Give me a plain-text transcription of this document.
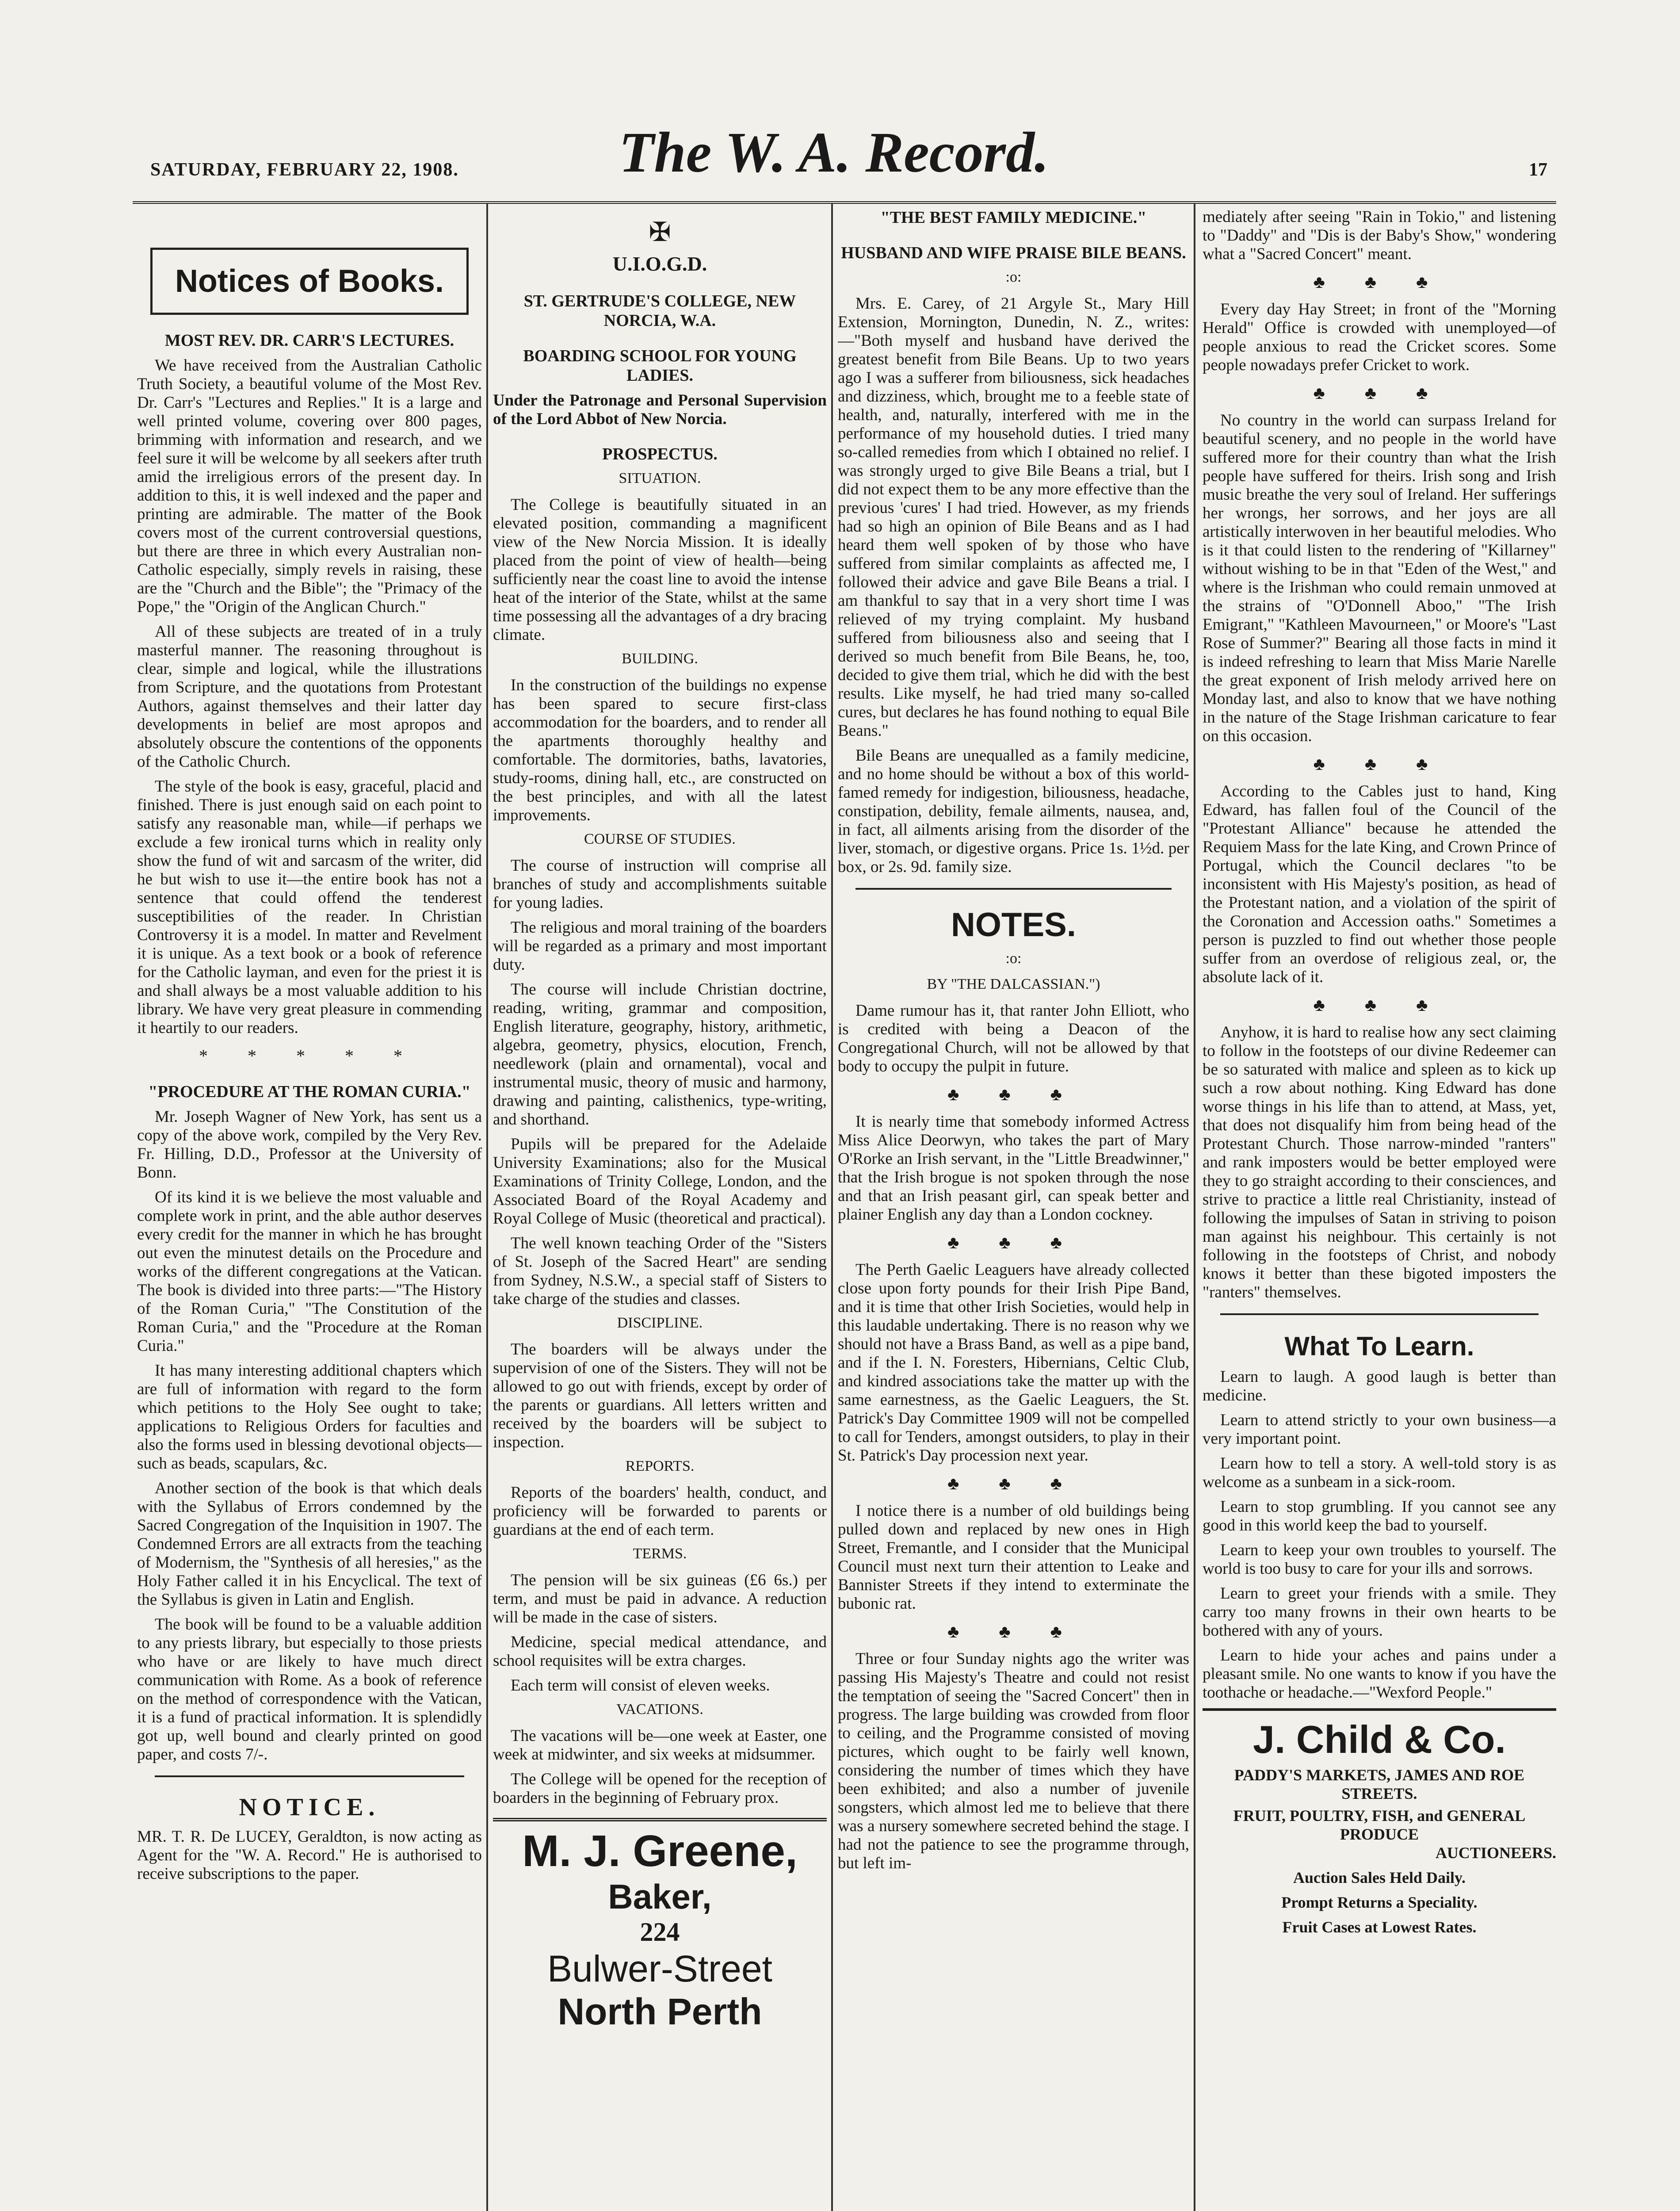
SATURDAY, FEBRUARY 22, 1908.	The W. A. Record.	17
Notices of Books.
MOST REV. DR. CARR'S LECTURES.

We have received from the Australian Catholic Truth Society, a beautiful volume of the Most Rev. Dr. Carr's "Lectures and Replies." It is a large and well printed volume, covering over 800 pages, brimming with information and research, and we feel sure it will be welcome by all seekers after truth amid the irreligious errors of the present day. In addition to this, it is well indexed and the paper and printing are admirable. The matter of the Book covers most of the current controversial questions, but there are three in which every Australian non-Catholic especially, simply revels in raising, these are the "Church and the Bible"; the "Primacy of the Pope," the "Origin of the Anglican Church."

All of these subjects are treated of in a truly masterful manner. The reasoning throughout is clear, simple and logical, while the illustrations from Scripture, and the quotations from Protestant Authors, against themselves and their latter day developments in belief are most apropos and absolutely obscure the contentions of the opponents of the Catholic Church.

The style of the book is easy, graceful, placid and finished. There is just enough said on each point to satisfy any reasonable man, while—if perhaps we exclude a few ironical turns which in reality only show the fund of wit and sarcasm of the writer, did he but wish to use it—the entire book has not a sentence that could offend the tenderest susceptibilities of the reader. In Christian Controversy it is a model. In matter and Revelment it is unique. As a text book or a book of reference for the Catholic layman, and even for the priest it is and shall always be a most valuable addition to his library. We have very great pleasure in commending it heartily to our readers.

* * * * *
"PROCEDURE AT THE ROMAN CURIA."

Mr. Joseph Wagner of New York, has sent us a copy of the above work, compiled by the Very Rev. Fr. Hilling, D.D., Professor at the University of Bonn.

Of its kind it is we believe the most valuable and complete work in print, and the able author deserves every credit for the manner in which he has brought out even the minutest details on the Procedure and works of the different congregations at the Vatican. The book is divided into three parts:—"The History of the Roman Curia," "The Constitution of the Roman Curia," and the "Procedure at the Roman Curia."

It has many interesting additional chapters which are full of information with regard to the form which petitions to the Holy See ought to take; applications to Religious Orders for faculties and also the forms used in blessing devotional objects—such as beads, scapulars, &c.

Another section of the book is that which deals with the Syllabus of Errors condemned by the Sacred Congregation of the Inquisition in 1907. The Condemned Errors are all extracts from the teaching of Modernism, the "Synthesis of all heresies," as the Holy Father called it in his Encyclical. The text of the Syllabus is given in Latin and English.

The book will be found to be a valuable addition to any priests library, but especially to those priests who have or are likely to have much direct communication with Rome. As a book of reference on the method of correspondence with the Vatican, it is a fund of practical information. It is splendidly got up, well bound and clearly printed on good paper, and costs 7/-.

NOTICE.

MR. T. R. De LUCEY, Geraldton, is now acting as Agent for the "W. A. Record." He is authorised to receive subscriptions to the paper.

✠
U.I.O.G.D.
ST. GERTRUDE'S COLLEGE, NEW NORCIA, W.A.
BOARDING SCHOOL FOR YOUNG LADIES.

Under the Patronage and Personal Supervision of the Lord Abbot of New Norcia.

PROSPECTUS.
SITUATION.

The College is beautifully situated in an elevated position, commanding a magnificent view of the New Norcia Mission. It is ideally placed from the point of view of health—being sufficiently near the coast line to avoid the intense heat of the interior of the State, whilst at the same time possessing all the advantages of a dry bracing climate.

BUILDING.

In the construction of the buildings no expense has been spared to secure first-class accommodation for the boarders, and to render all the apartments thoroughly healthy and comfortable. The dormitories, baths, lavatories, study-rooms, dining hall, etc., are constructed on the best principles, and with all the latest improvements.

COURSE OF STUDIES.

The course of instruction will comprise all branches of study and accomplishments suitable for young ladies.

The religious and moral training of the boarders will be regarded as a primary and most important duty.

The course will include Christian doctrine, reading, writing, grammar and composition, English literature, geography, history, arithmetic, algebra, geometry, physics, elocution, French, needlework (plain and ornamental), vocal and instrumental music, theory of music and harmony, drawing and painting, calisthenics, type-writing, and shorthand.

Pupils will be prepared for the Adelaide University Examinations; also for the Musical Examinations of Trinity College, London, and the Associated Board of the Royal Academy and Royal College of Music (theoretical and practical).

The well known teaching Order of the "Sisters of St. Joseph of the Sacred Heart" are sending from Sydney, N.S.W., a special staff of Sisters to take charge of the studies and classes.

DISCIPLINE.

The boarders will be always under the supervision of one of the Sisters. They will not be allowed to go out with friends, except by order of the parents or guardians. All letters written and received by the boarders will be subject to inspection.

REPORTS.

Reports of the boarders' health, conduct, and proficiency will be forwarded to parents or guardians at the end of each term.

TERMS.

The pension will be six guineas (£6 6s.) per term, and must be paid in advance. A reduction will be made in the case of sisters.

Medicine, special medical attendance, and school requisites will be extra charges.

Each term will consist of eleven weeks.

VACATIONS.

The vacations will be—one week at Easter, one week at midwinter, and six weeks at midsummer.

The College will be opened for the reception of boarders in the beginning of February prox.

M. J. Greene,
Baker,
224
Bulwer-Street
North Perth
"THE BEST FAMILY MEDICINE."
HUSBAND AND WIFE PRAISE BILE BEANS.
:o:

Mrs. E. Carey, of 21 Argyle St., Mary Hill Extension, Mornington, Dunedin, N. Z., writes:—"Both myself and husband have derived the greatest benefit from Bile Beans. Up to two years ago I was a sufferer from biliousness, sick headaches and dizziness, which, brought me to a feeble state of health, and, naturally, interfered with me in the performance of my household duties. I tried many so-called remedies from which I obtained no relief. I was strongly urged to give Bile Beans a trial, but I did not expect them to be any more effective than the previous 'cures' I had tried. However, as my friends had so high an opinion of Bile Beans and as I had heard them well spoken of by those who have suffered from similar complaints as affected me, I followed their advice and gave Bile Beans a trial. I am thankful to say that in a very short time I was relieved of my trying complaint. My husband suffered from biliousness also and seeing that I derived so much benefit from Bile Beans, he, too, decided to give them trial, which he did with the best results. Like myself, he had tried many so-called cures, but declares he has found nothing to equal Bile Beans."

Bile Beans are unequalled as a family medicine, and no home should be without a box of this world-famed remedy for indigestion, biliousness, headache, constipation, debility, female ailments, nausea, and, in fact, all ailments arising from the disorder of the liver, stomach, or digestive organs. Price 1s. 1½d. per box, or 2s. 9d. family size.

NOTES.
:o:
BY "THE DALCASSIAN.")

Dame rumour has it, that ranter John Elliott, who is credited with being a Deacon of the Congregational Church, will not be allowed by that body to occupy the pulpit in future.

♣ ♣ ♣

It is nearly time that somebody informed Actress Miss Alice Deorwyn, who takes the part of Mary O'Rorke an Irish servant, in the "Little Breadwinner," that the Irish brogue is not spoken through the nose and that an Irish peasant girl, can speak better and plainer English any day than a London cockney.

♣ ♣ ♣

The Perth Gaelic Leaguers have already collected close upon forty pounds for their Irish Pipe Band, and it is time that other Irish Societies, would help in this laudable undertaking. There is no reason why we should not have a Brass Band, as well as a pipe band, and if the I. N. Foresters, Hibernians, Celtic Club, and kindred associations take the matter up with the same earnestness, as the Gaelic Leaguers, the St. Patrick's Day Committee 1909 will not be compelled to call for Tenders, amongst outsiders, to play in their St. Patrick's Day procession next year.

♣ ♣ ♣

I notice there is a number of old buildings being pulled down and replaced by new ones in High Street, Fremantle, and I consider that the Municipal Council must next turn their attention to Leake and Bannister Streets if they intend to exterminate the bubonic rat.

♣ ♣ ♣

Three or four Sunday nights ago the writer was passing His Majesty's Theatre and could not resist the temptation of seeing the "Sacred Concert" then in progress. The large building was crowded from floor to ceiling, and the Programme consisted of moving pictures, which ought to be fairly well known, considering the number of times which they have been exhibited; and also a number of juvenile songsters, which almost led me to believe that there was a nursery somewhere secreted behind the stage. I had not the patience to see the programme through, but left im-

mediately after seeing "Rain in Tokio," and listening to "Daddy" and "Dis is der Baby's Show," wondering what a "Sacred Concert" meant.

♣ ♣ ♣

Every day Hay Street; in front of the "Morning Herald" Office is crowded with unemployed—of people anxious to read the Cricket scores. Some people nowadays prefer Cricket to work.

♣ ♣ ♣

No country in the world can surpass Ireland for beautiful scenery, and no people in the world have suffered more for their country than what the Irish people have suffered for theirs. Irish song and Irish music breathe the very soul of Ireland. Her sufferings her wrongs, her sorrows, and her joys are all artistically interwoven in her beautiful melodies. Who is it that could listen to the rendering of "Killarney" without wishing to be in that "Eden of the West," and where is the Irishman who could remain unmoved at the strains of "O'Donnell Aboo," "The Irish Emigrant," "Kathleen Mavourneen," or Moore's "Last Rose of Summer?" Bearing all those facts in mind it is indeed refreshing to learn that Miss Marie Narelle the great exponent of Irish melody arrived here on Monday last, and also to know that we have nothing in the nature of the Stage Irishman caricature to fear on this occasion.

♣ ♣ ♣

According to the Cables just to hand, King Edward, has fallen foul of the Council of the "Protestant Alliance" because he attended the Requiem Mass for the late King, and Crown Prince of Portugal, which the Council declares "to be inconsistent with His Majesty's position, as head of the Protestant nation, and a violation of the spirit of the Coronation and Accession oaths." Sometimes a person is puzzled to find out whether those people suffer from an overdose of religious zeal, or, the absolute lack of it.

♣ ♣ ♣

Anyhow, it is hard to realise how any sect claiming to follow in the footsteps of our divine Redeemer can be so saturated with malice and spleen as to kick up such a row about nothing. King Edward has done worse things in his life than to attend, at Mass, yet, that does not disqualify him from being head of the Protestant Church. Those narrow-minded "ranters" and rank imposters would be better employed were they to go straight according to their consciences, and strive to practice a little real Christianity, instead of following the impulses of Satan in striving to poison man against his neighbour. This certainly is not following in the footsteps of Christ, and nobody knows it better than these bigoted imposters the "ranters" themselves.

What To Learn.

Learn to laugh. A good laugh is better than medicine.

Learn to attend strictly to your own business—a very important point.

Learn how to tell a story. A well-told story is as welcome as a sunbeam in a sick-room.

Learn to stop grumbling. If you cannot see any good in this world keep the bad to yourself.

Learn to keep your own troubles to yourself. The world is too busy to care for your ills and sorrows.

Learn to greet your friends with a smile. They carry too many frowns in their own hearts to be bothered with any of yours.

Learn to hide your aches and pains under a pleasant smile. No one wants to know if you have the toothache or headache.—"Wexford People."

J. Child & Co.
PADDY'S MARKETS, JAMES AND ROE STREETS.
FRUIT, POULTRY, FISH, and GENERAL PRODUCE
AUCTIONEERS.
Auction Sales Held Daily.
Prompt Returns a Speciality.
Fruit Cases at Lowest Rates.
